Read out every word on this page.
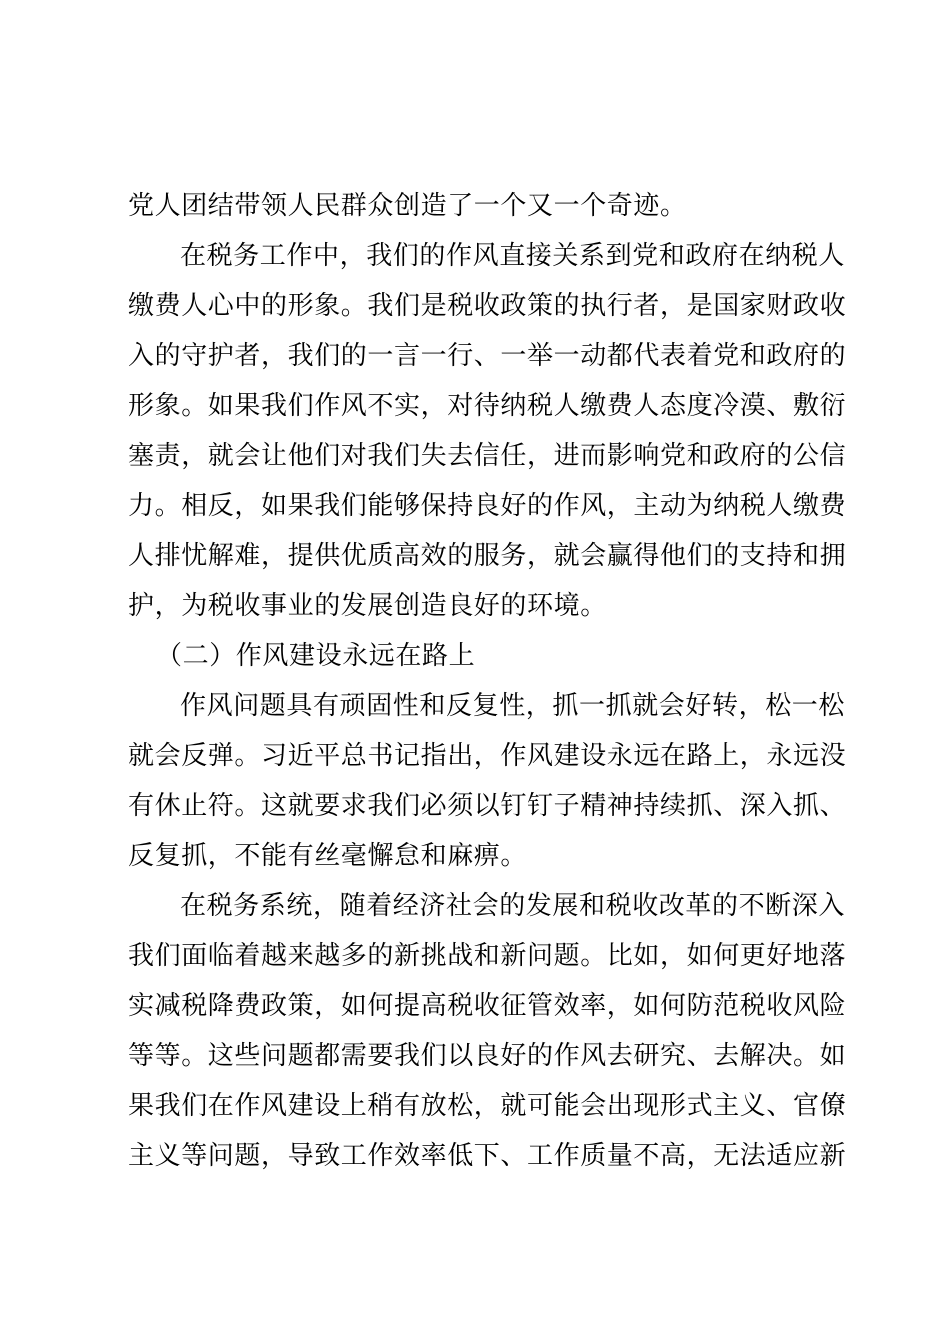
党人团结带领人民群众创造了一个又一个奇迹。
在税务工作中，我们的作风直接关系到党和政府在纳税人
缴费人心中的形象。我们是税收政策的执行者，是国家财政收
入的守护者，我们的一言一行、一举一动都代表着党和政府的
形象。如果我们作风不实，对待纳税人缴费人态度冷漠、敷衍
塞责，就会让他们对我们失去信任，进而影响党和政府的公信
力。相反，如果我们能够保持良好的作风，主动为纳税人缴费
人排忧解难，提供优质高效的服务，就会赢得他们的支持和拥
护，为税收事业的发展创造良好的环境。
（二）作风建设永远在路上
作风问题具有顽固性和反复性，抓一抓就会好转，松一松
就会反弹。习近平总书记指出，作风建设永远在路上，永远没
有休止符。这就要求我们必须以钉钉子精神持续抓、深入抓、
反复抓，不能有丝毫懈怠和麻痹。
在税务系统，随着经济社会的发展和税收改革的不断深入
我们面临着越来越多的新挑战和新问题。比如，如何更好地落
实减税降费政策，如何提高税收征管效率，如何防范税收风险
等等。这些问题都需要我们以良好的作风去研究、去解决。如
果我们在作风建设上稍有放松，就可能会出现形式主义、官僚
主义等问题，导致工作效率低下、工作质量不高，无法适应新
